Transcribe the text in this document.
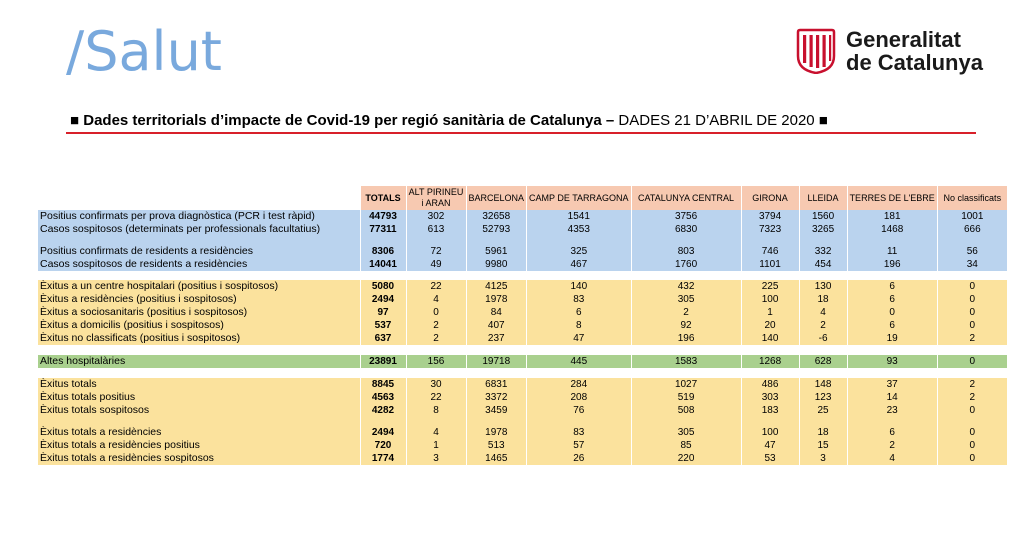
/Salut	Generalitat
de Catalunya
■ Dades territorials d’impacte de Covid-19 per regió sanitària de Catalunya – DADES 21 D’ABRIL DE 2020 ■
	TOTALS	ALT PIRINEU i ARAN	BARCELONA	CAMP DE TARRAGONA	CATALUNYA CENTRAL	GIRONA	LLEIDA	TERRES DE L'EBRE	No classificats
Positius confirmats per prova diagnòstica (PCR i test ràpid)	44793	302	32658	1541	3756	3794	1560	181	1001
Casos sospitosos (determinats per professionals facultatius)	77311	613	52793	4353	6830	7323	3265	1468	666

Positius confirmats de residents a residències	8306	72	5961	325	803	746	332	11	56
Casos sospitosos de residents a residències	14041	49	9980	467	1760	1101	454	196	34

Èxitus a un centre hospitalari (positius i sospitosos)	5080	22	4125	140	432	225	130	6	0
Èxitus a residències (positius i sospitosos)	2494	4	1978	83	305	100	18	6	0
Èxitus a sociosanitaris (positius i sospitosos)	97	0	84	6	2	1	4	0	0
Èxitus a domicilis (positius i sospitosos)	537	2	407	8	92	20	2	6	0
Èxitus no classificats (positius i sospitosos)	637	2	237	47	196	140	-6	19	2

Altes hospitalàries	23891	156	19718	445	1583	1268	628	93	0

Èxitus totals	8845	30	6831	284	1027	486	148	37	2
Èxitus totals positius	4563	22	3372	208	519	303	123	14	2
Èxitus totals sospitosos	4282	8	3459	76	508	183	25	23	0

Èxitus totals a residències	2494	4	1978	83	305	100	18	6	0
Èxitus totals a residències positius	720	1	513	57	85	47	15	2	0
Èxitus totals a residències sospitosos	1774	3	1465	26	220	53	3	4	0
